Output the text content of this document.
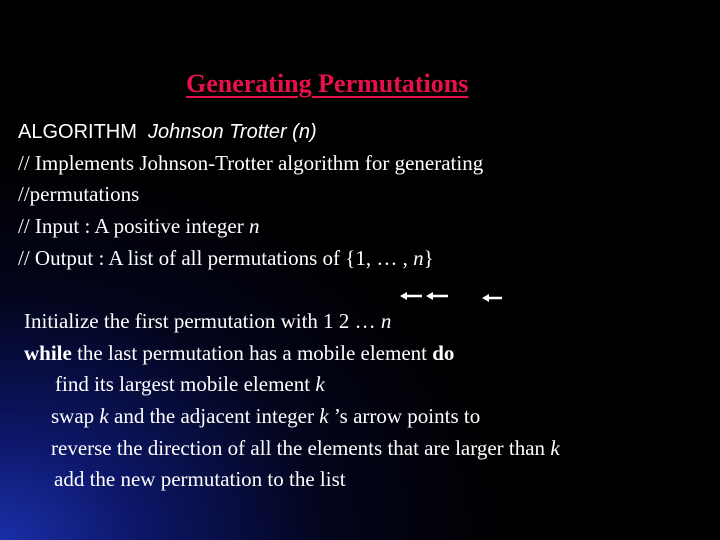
Generating Permutations
ALGORITHM Johnson Trotter (n)
// Implements Johnson-Trotter algorithm for generating
//permutations
// Input : A positive integer n
// Output : A list of all permutations of {1, … , n}
Initialize the first permutation with 1 2 … n
while the last permutation has a mobile element do
find its largest mobile element k
swap k and the adjacent integer k ’s arrow points to
reverse the direction of all the elements that are larger than k
add the new permutation to the list
